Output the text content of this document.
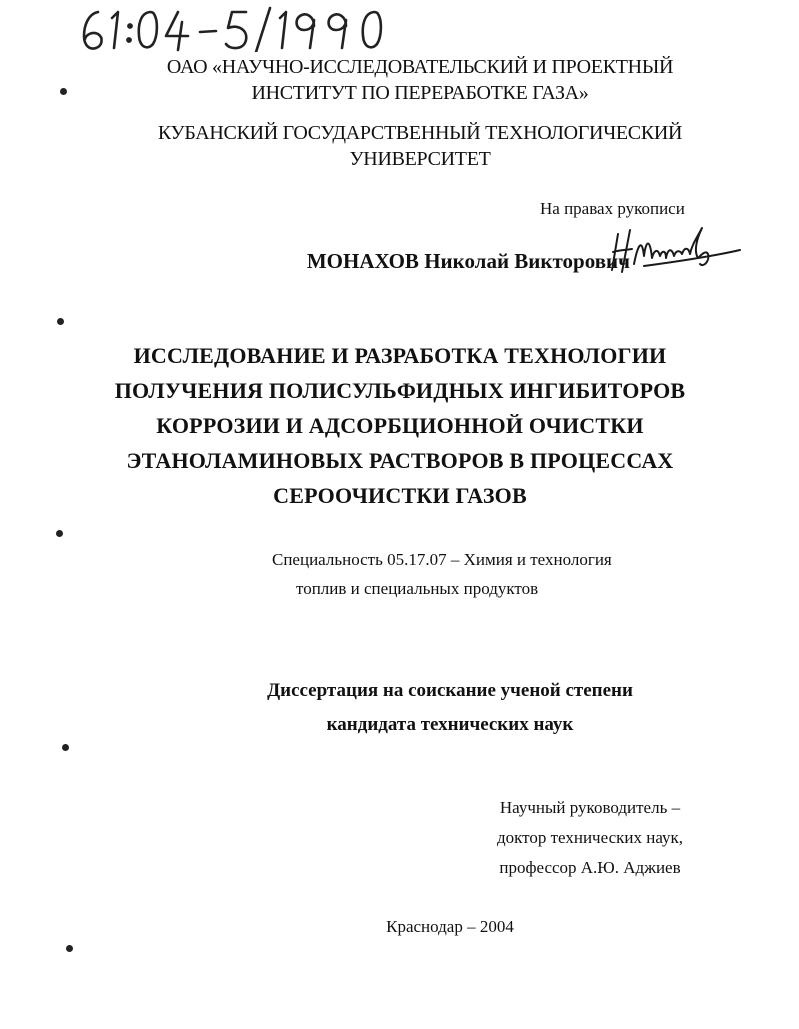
ОАО «НАУЧНО-ИССЛЕДОВАТЕЛЬСКИЙ И ПРОЕКТНЫЙ
ИНСТИТУТ ПО ПЕРЕРАБОТКЕ ГАЗА»
КУБАНСКИЙ ГОСУДАРСТВЕННЫЙ ТЕХНОЛОГИЧЕСКИЙ
УНИВЕРСИТЕТ
На правах рукописи
МОНАХОВ Николай Викторович
ИССЛЕДОВАНИЕ И РАЗРАБОТКА ТЕХНОЛОГИИ
ПОЛУЧЕНИЯ ПОЛИСУЛЬФИДНЫХ ИНГИБИТОРОВ
КОРРОЗИИ И АДСОРБЦИОННОЙ ОЧИСТКИ
ЭТАНОЛАМИНОВЫХ РАСТВОРОВ В ПРОЦЕССАХ
СЕРООЧИСТКИ ГАЗОВ
Специальность 05.17.07 – Химия и технология
топлив и специальных продуктов
Диссертация на соискание ученой степени
кандидата технических наук
Научный руководитель –
доктор технических наук,
профессор А.Ю. Аджиев
Краснодар – 2004
